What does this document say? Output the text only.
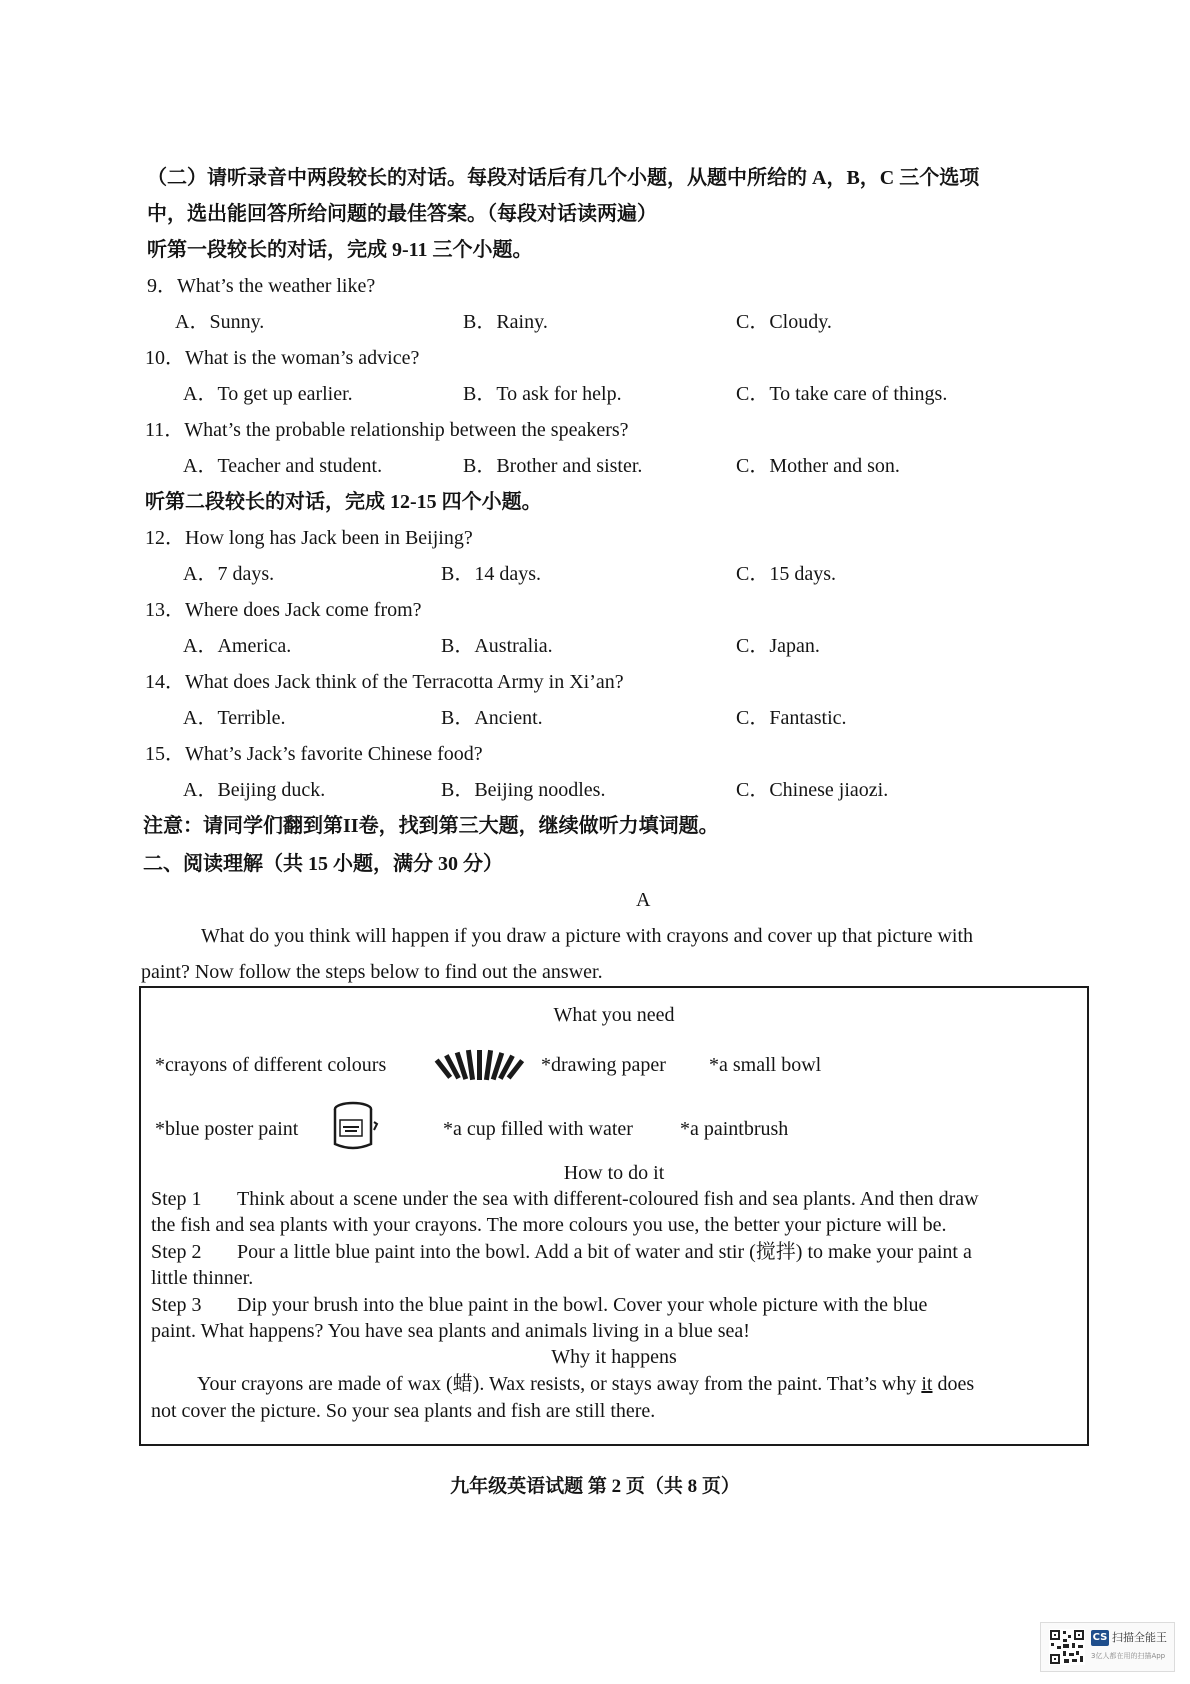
（二）请听录音中两段较长的对话。每段对话后有几个小题，从题中所给的 A，B，C 三个选项
中，选出能回答所给问题的最佳答案。（每段对话读两遍）
听第一段较长的对话，完成 9-11 三个小题。
9．What’s the weather like?
A．Sunny.	B．Rainy.	C．Cloudy.
10．What is the woman’s advice?
A．To get up earlier.	B．To ask for help.	C．To take care of things.
11．What’s the probable relationship between the speakers?
A．Teacher and student.	B．Brother and sister.	C．Mother and son.
听第二段较长的对话，完成 12-15 四个小题。
12．How long has Jack been in Beijing?
A．7 days.	B．14 days.	C．15 days.
13．Where does Jack come from?
A．America.	B．Australia.	C．Japan.
14．What does Jack think of the Terracotta Army in Xi’an?
A．Terrible.	B．Ancient.	C．Fantastic.
15．What’s Jack’s favorite Chinese food?
A．Beijing duck.	B．Beijing noodles.	C．Chinese jiaozi.
注意：请同学们翻到第II卷，找到第三大题，继续做听力填词题。
二、阅读理解（共 15 小题，满分 30 分）
A
What do you think will happen if you draw a picture with crayons and cover up that picture with
paint? Now follow the steps below to find out the answer.
What you need
*crayons of different colours	*drawing paper *a small bowl
*blue poster paint	*a cup filled with water *a paintbrush
How to do it
Step 1 Think about a scene under the sea with different-coloured fish and sea plants. And then draw
the fish and sea plants with your crayons. The more colours you use, the better your picture will be.
Step 2 Pour a little blue paint into the bowl. Add a bit of water and stir (搅拌) to make your paint a
little thinner.
Step 3 Dip your brush into the blue paint in the bowl. Cover your whole picture with the blue
paint. What happens? You have sea plants and animals living in a blue sea!
Why it happens
Your crayons are made of wax (蜡). Wax resists, or stays away from the paint. That’s why it does
not cover the picture. So your sea plants and fish are still there.
九年级英语试题 第 2 页（共 8 页）
CS 扫描全能王
3亿人都在用的扫描App
